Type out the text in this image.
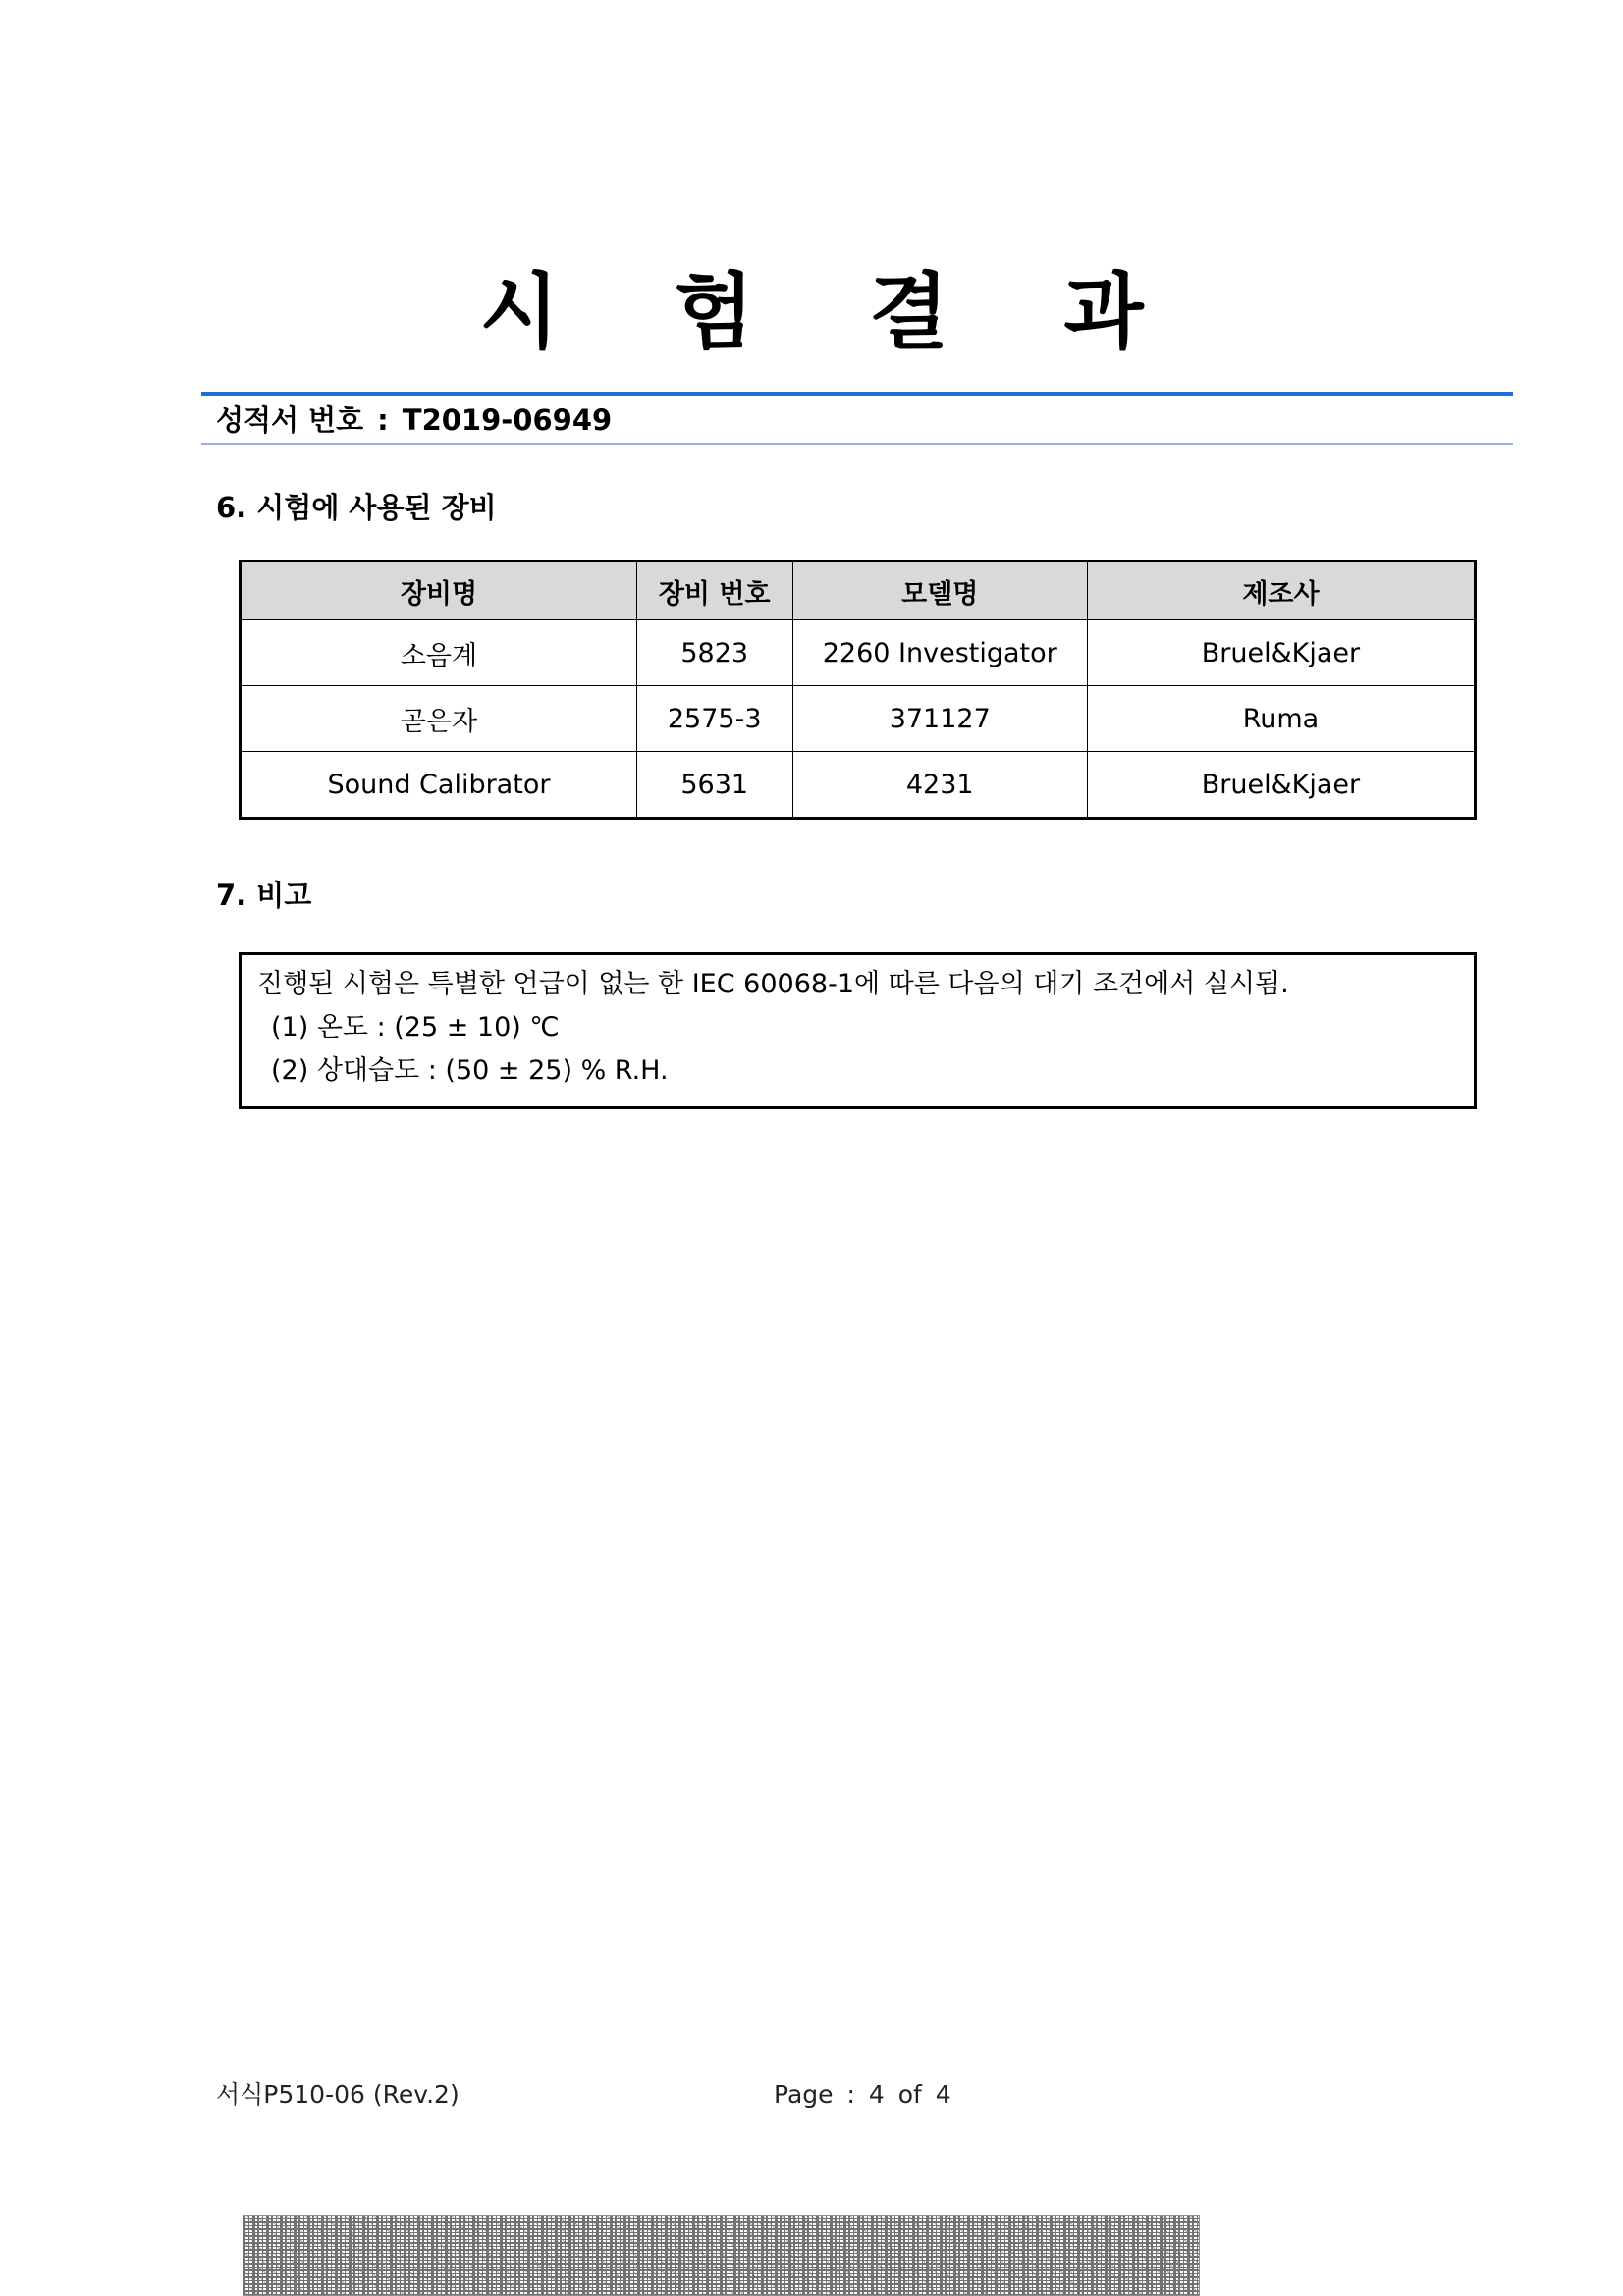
시 험 결 과
성적서 번호 : T2019-06949
6. 시험에 사용된 장비
장비명	장비 번호	모델명	제조사
소음계	5823	2260 Investigator	Bruel&Kjaer
곧은자	2575-3	371127	Ruma
Sound Calibrator	5631	4231	Bruel&Kjaer
7. 비고
진행된 시험은 특별한 언급이 없는 한 IEC 60068-1에 따른 다음의 대기 조건에서 실시됨.
(1) 온도 : (25 ± 10) ℃
(2) 상대습도 : (50 ± 25) % R.H.
서식P510-06 (Rev.2)	Page : 4 of 4
